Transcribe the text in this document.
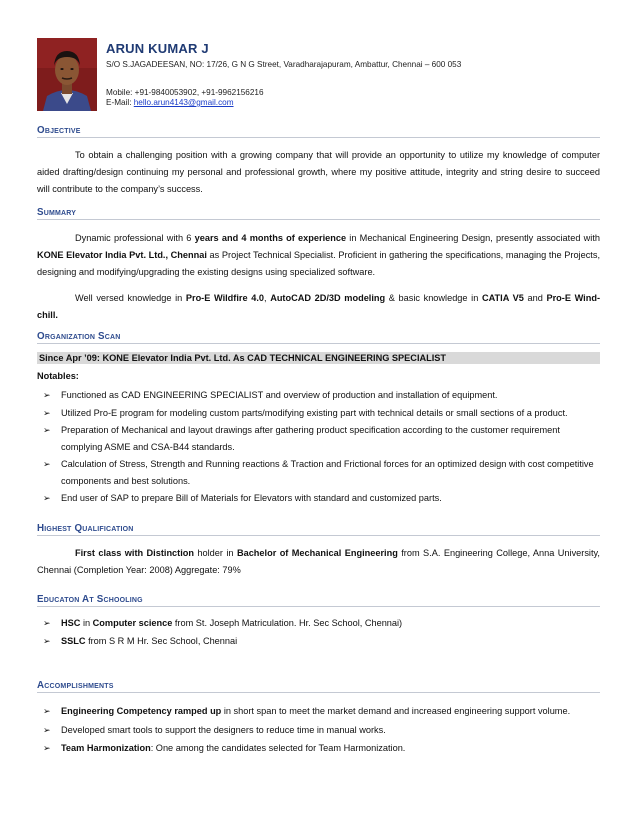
ARUN KUMAR J
S/O S.JAGADEESAN, NO: 17/26, G N G Street, Varadharajapuram, Ambattur, Chennai – 600 053
Mobile: +91-9840053902, +91-9962156216
E-Mail: hello.arun4143@gmail.com
Objective

To obtain a challenging position with a growing company that will provide an opportunity to utilize my knowledge of computer aided drafting/design continuing my personal and professional growth, where my positive attitude, integrity and string desire to succeed will contribute to the company’s success.

Summary

Dynamic professional with 6 years and 4 months of experience in Mechanical Engineering Design, presently associated with KONE Elevator India Pvt. Ltd., Chennai as Project Technical Specialist. Proficient in gathering the specifications, managing the Projects, designing and modifying/upgrading the existing designs using specialized software.

Well versed knowledge in Pro-E Wildfire 4.0, AutoCAD 2D/3D modeling & basic knowledge in CATIA V5 and Pro-E Wind-chill.

Organization Scan
Since Apr ’09: KONE Elevator India Pvt. Ltd. As CAD TECHNICAL ENGINEERING SPECIALIST
Notables:
➢ Functioned as CAD ENGINEERING SPECIALIST and overview of production and installation of equipment.
➢ Utilized Pro-E program for modeling custom parts/modifying existing part with technical details or small sections of a product.
➢ Preparation of Mechanical and layout drawings after gathering product specification according to the customer requirement complying ASME and CSA-B44 standards.
➢ Calculation of Stress, Strength and Running reactions & Traction and Frictional forces for an optimized design with cost competitive components and best solutions.
➢ End user of SAP to prepare Bill of Materials for Elevators with standard and customized parts.
Highest Qualification

First class with Distinction holder in Bachelor of Mechanical Engineering from S.A. Engineering College, Anna University, Chennai (Completion Year: 2008) Aggregate: 79%

Educaton At Schooling
➢ HSC in Computer science from St. Joseph Matriculation. Hr. Sec School, Chennai)
➢ SSLC from S R M Hr. Sec School, Chennai
Accomplishments
➢ Engineering Competency ramped up in short span to meet the market demand and increased engineering support volume.
➢ Developed smart tools to support the designers to reduce time in manual works.
➢ Team Harmonization: One among the candidates selected for Team Harmonization.
